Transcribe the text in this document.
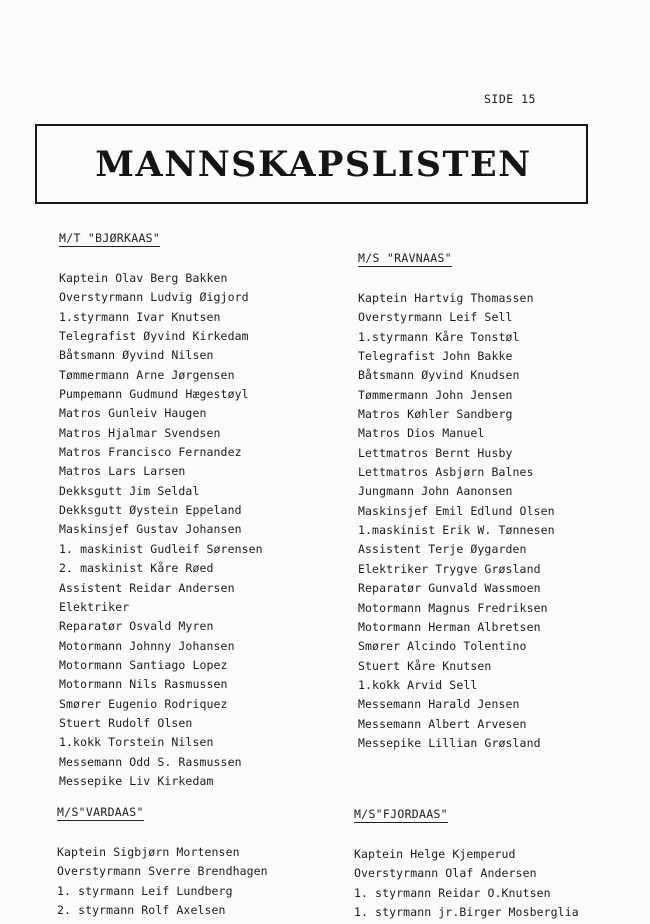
SIDE 15
MANNSKAPSLISTEN
M/T "BJØRKAAS"
Kaptein Olav Berg Bakken
Overstyrmann Ludvig Øigjord
1.styrmann Ivar Knutsen
Telegrafist Øyvind Kirkedam
Båtsmann Øyvind Nilsen
Tømmermann Arne Jørgensen
Pumpemann Gudmund Hægestøyl
Matros Gunleiv Haugen
Matros Hjalmar Svendsen
Matros Francisco Fernandez
Matros Lars Larsen
Dekksgutt Jim Seldal
Dekksgutt Øystein Eppeland
Maskinsjef Gustav Johansen
1. maskinist Gudleif Sørensen
2. maskinist Kåre Røed
Assistent Reidar Andersen
Elektriker
Reparatør Osvald Myren
Motormann Johnny Johansen
Motormann Santiago Lopez
Motormann Nils Rasmussen
Smører Eugenio Rodriquez
Stuert Rudolf Olsen
1.kokk Torstein Nilsen
Messemann Odd S. Rasmussen
Messepike Liv Kirkedam
M/S "RAVNAAS"
Kaptein Hartvig Thomassen
Overstyrmann Leif Sell
1.styrmann Kåre Tonstøl
Telegrafist John Bakke
Båtsmann Øyvind Knudsen
Tømmermann John Jensen
Matros Køhler Sandberg
Matros Dios Manuel
Lettmatros Bernt Husby
Lettmatros Asbjørn Balnes
Jungmann John Aanonsen
Maskinsjef Emil Edlund Olsen
1.maskinist Erik W. Tønnesen
Assistent Terje Øygarden
Elektriker Trygve Grøsland
Reparatør Gunvald Wassmoen
Motormann Magnus Fredriksen
Motormann Herman Albretsen
Smører Alcindo Tolentino
Stuert Kåre Knutsen
1.kokk Arvid Sell
Messemann Harald Jensen
Messemann Albert Arvesen
Messepike Lillian Grøsland
M/S"VARDAAS"
Kaptein Sigbjørn Mortensen
Overstyrmann Sverre Brendhagen
1. styrmann Leif Lundberg
2. styrmann Rolf Axelsen
M/S"FJORDAAS"
Kaptein Helge Kjemperud
Overstyrmann Olaf Andersen
1. styrmann Reidar O.Knutsen
1. styrmann jr.Birger Mosberglia
